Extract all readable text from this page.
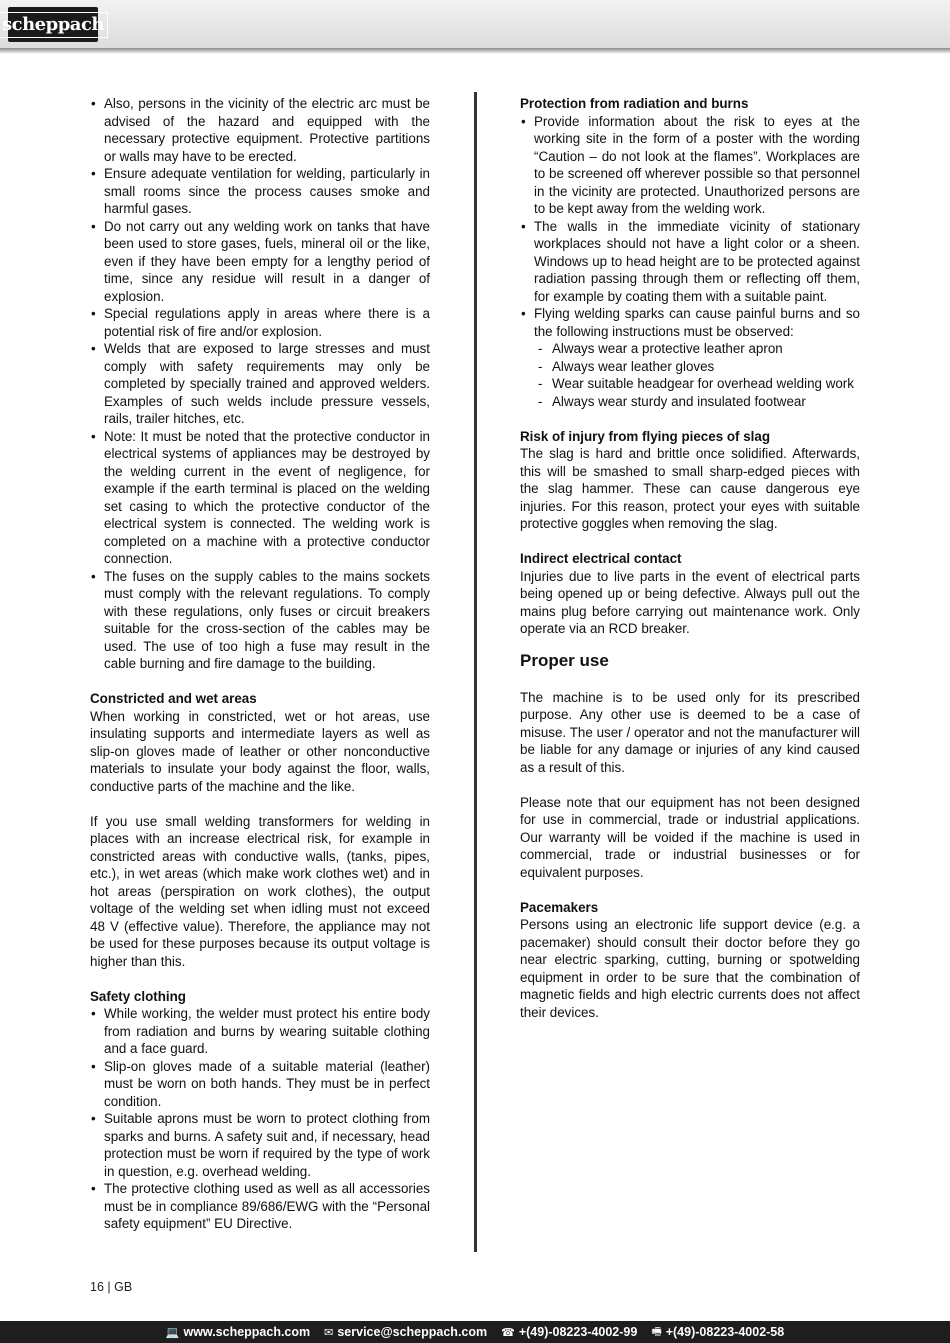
scheppach
• Also, persons in the vicinity of the electric arc must be advised of the hazard and equipped with the necessary protective equipment. Protective partitions or walls may have to be erected.
• Ensure adequate ventilation for welding, particularly in small rooms since the process causes smoke and harmful gases.
• Do not carry out any welding work on tanks that have been used to store gases, fuels, mineral oil or the like, even if they have been empty for a lengthy period of time, since any residue will result in a danger of explosion.
• Special regulations apply in areas where there is a potential risk of fire and/or explosion.
• Welds that are exposed to large stresses and must comply with safety requirements may only be completed by specially trained and approved welders. Examples of such welds include pressure vessels, rails, trailer hitches, etc.
• Note: It must be noted that the protective conductor in electrical systems of appliances may be destroyed by the welding current in the event of negligence, for example if the earth terminal is placed on the welding set casing to which the protective conductor of the electrical system is connected. The welding work is completed on a machine with a protective conductor connection.
• The fuses on the supply cables to the mains sockets must comply with the relevant regulations. To comply with these regulations, only fuses or circuit breakers suitable for the cross-section of the cables may be used. The use of too high a fuse may result in the cable burning and fire damage to the building.

Constricted and wet areas

When working in constricted, wet or hot areas, use insulating supports and intermediate layers as well as slip-on gloves made of leather or other nonconductive materials to insulate your body against the floor, walls, conductive parts of the machine and the like.

If you use small welding transformers for welding in places with an increase electrical risk, for example in constricted areas with conductive walls, (tanks, pipes, etc.), in wet areas (which make work clothes wet) and in hot areas (perspiration on work clothes), the output voltage of the welding set when idling must not exceed 48 V (effective value). Therefore, the appliance may not be used for these purposes because its output voltage is higher than this.

Safety clothing

• While working, the welder must protect his entire body from radiation and burns by wearing suitable clothing and a face guard.
• Slip-on gloves made of a suitable material (leather) must be worn on both hands. They must be in perfect condition.
• Suitable aprons must be worn to protect clothing from sparks and burns. A safety suit and, if necessary, head protection must be worn if required by the type of work in question, e.g. overhead welding.
• The protective clothing used as well as all accessories must be in compliance 89/686/EWG with the “Personal safety equipment” EU Directive.

Protection from radiation and burns

• Provide information about the risk to eyes at the working site in the form of a poster with the wording “Caution – do not look at the flames”. Workplaces are to be screened off wherever possible so that personnel in the vicinity are protected. Unauthorized persons are to be kept away from the welding work.
• The walls in the immediate vicinity of stationary workplaces should not have a light color or a sheen. Windows up to head height are to be protected against radiation passing through them or reflecting off them, for example by coating them with a suitable paint.
• Flying welding sparks can cause painful burns and so the following instructions must be observed:
- Always wear a protective leather apron
- Always wear leather gloves
- Wear suitable headgear for overhead welding work
- Always wear sturdy and insulated footwear

Risk of injury from flying pieces of slag

The slag is hard and brittle once solidified. Afterwards, this will be smashed to small sharp-edged pieces with the slag hammer. These can cause dangerous eye injuries. For this reason, protect your eyes with suitable protective goggles when removing the slag.

Indirect electrical contact

Injuries due to live parts in the event of electrical parts being opened up or being defective. Always pull out the mains plug before carrying out maintenance work. Only operate via an RCD breaker.

Proper use

The machine is to be used only for its prescribed purpose. Any other use is deemed to be a case of misuse. The user / operator and not the manufacturer will be liable for any damage or injuries of any kind caused as a result of this.

Please note that our equipment has not been designed for use in commercial, trade or industrial applications. Our warranty will be voided if the machine is used in commercial, trade or industrial businesses or for equivalent purposes.

Pacemakers

Persons using an electronic life support device (e.g. a pacemaker) should consult their doctor before they go near electric sparking, cutting, burning or spotwelding equipment in order to be sure that the combination of magnetic fields and high electric currents does not affect their devices.

16 | GB
💻 www.scheppach.com ✉ service@scheppach.com ☎ +(49)-08223-4002-99 🖷 +(49)-08223-4002-58
